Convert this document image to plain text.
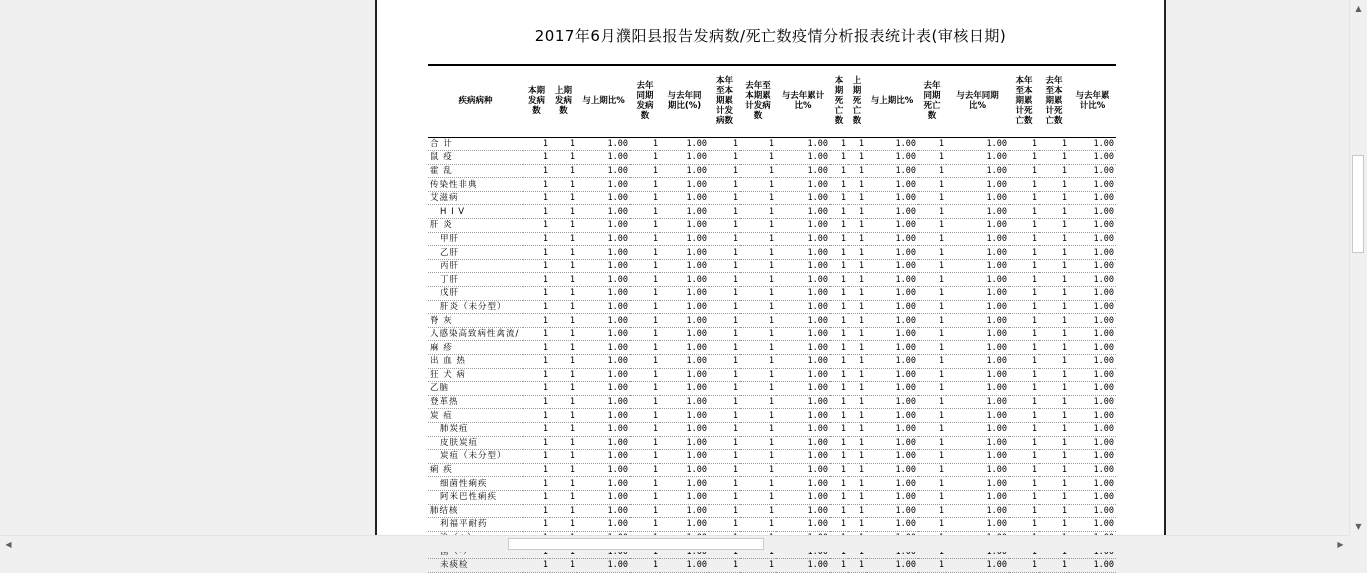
2017年6月濮阳县报告发病数/死亡数疫情分析报表统计表(审核日期)
疾病病种	本期
发病
数	上期
发病
数	与上期比%	去年
同期
发病
数	与去年同
期比(%)	本年
至本
期累
计发
病数	去年至
本期累
计发病
数	与去年累计
比%	本
期
死
亡
数	上
期
死
亡
数	与上期比%	去年
同期
死亡
数	与去年同期
比%	本年
至本
期累
计死
亡数	去年
至本
期累
计死
亡数	与去年累
计比%
合 计	1	1	1.00	1	1.00	1	1	1.00	1	1	1.00	1	1.00	1	1	1.00
鼠 疫	1	1	1.00	1	1.00	1	1	1.00	1	1	1.00	1	1.00	1	1	1.00
霍 乱	1	1	1.00	1	1.00	1	1	1.00	1	1	1.00	1	1.00	1	1	1.00
传染性非典	1	1	1.00	1	1.00	1	1	1.00	1	1	1.00	1	1.00	1	1	1.00
艾滋病	1	1	1.00	1	1.00	1	1	1.00	1	1	1.00	1	1.00	1	1	1.00
H I V	1	1	1.00	1	1.00	1	1	1.00	1	1	1.00	1	1.00	1	1	1.00
肝 炎	1	1	1.00	1	1.00	1	1	1.00	1	1	1.00	1	1.00	1	1	1.00
甲肝	1	1	1.00	1	1.00	1	1	1.00	1	1	1.00	1	1.00	1	1	1.00
乙肝	1	1	1.00	1	1.00	1	1	1.00	1	1	1.00	1	1.00	1	1	1.00
丙肝	1	1	1.00	1	1.00	1	1	1.00	1	1	1.00	1	1.00	1	1	1.00
丁肝	1	1	1.00	1	1.00	1	1	1.00	1	1	1.00	1	1.00	1	1	1.00
戊肝	1	1	1.00	1	1.00	1	1	1.00	1	1	1.00	1	1.00	1	1	1.00
肝炎（未分型）	1	1	1.00	1	1.00	1	1	1.00	1	1	1.00	1	1.00	1	1	1.00
脊 灰	1	1	1.00	1	1.00	1	1	1.00	1	1	1.00	1	1.00	1	1	1.00
人感染高致病性禽流/	1	1	1.00	1	1.00	1	1	1.00	1	1	1.00	1	1.00	1	1	1.00
麻 疹	1	1	1.00	1	1.00	1	1	1.00	1	1	1.00	1	1.00	1	1	1.00
出 血 热	1	1	1.00	1	1.00	1	1	1.00	1	1	1.00	1	1.00	1	1	1.00
狂 犬 病	1	1	1.00	1	1.00	1	1	1.00	1	1	1.00	1	1.00	1	1	1.00
乙脑	1	1	1.00	1	1.00	1	1	1.00	1	1	1.00	1	1.00	1	1	1.00
登革热	1	1	1.00	1	1.00	1	1	1.00	1	1	1.00	1	1.00	1	1	1.00
炭 疽	1	1	1.00	1	1.00	1	1	1.00	1	1	1.00	1	1.00	1	1	1.00
肺炭疽	1	1	1.00	1	1.00	1	1	1.00	1	1	1.00	1	1.00	1	1	1.00
皮肤炭疽	1	1	1.00	1	1.00	1	1	1.00	1	1	1.00	1	1.00	1	1	1.00
炭疽（未分型）	1	1	1.00	1	1.00	1	1	1.00	1	1	1.00	1	1.00	1	1	1.00
痢 疾	1	1	1.00	1	1.00	1	1	1.00	1	1	1.00	1	1.00	1	1	1.00
细菌性痢疾	1	1	1.00	1	1.00	1	1	1.00	1	1	1.00	1	1.00	1	1	1.00
阿米巴性痢疾	1	1	1.00	1	1.00	1	1	1.00	1	1	1.00	1	1.00	1	1	1.00
肺结核	1	1	1.00	1	1.00	1	1	1.00	1	1	1.00	1	1.00	1	1	1.00
利福平耐药	1	1	1.00	1	1.00	1	1	1.00	1	1	1.00	1	1.00	1	1	1.00

未痰检	1	1	1.00	1	1.00	1	1	1.00	1	1	1.00	1	1.00	1	1	1.00
▲
▼
◀	▶
